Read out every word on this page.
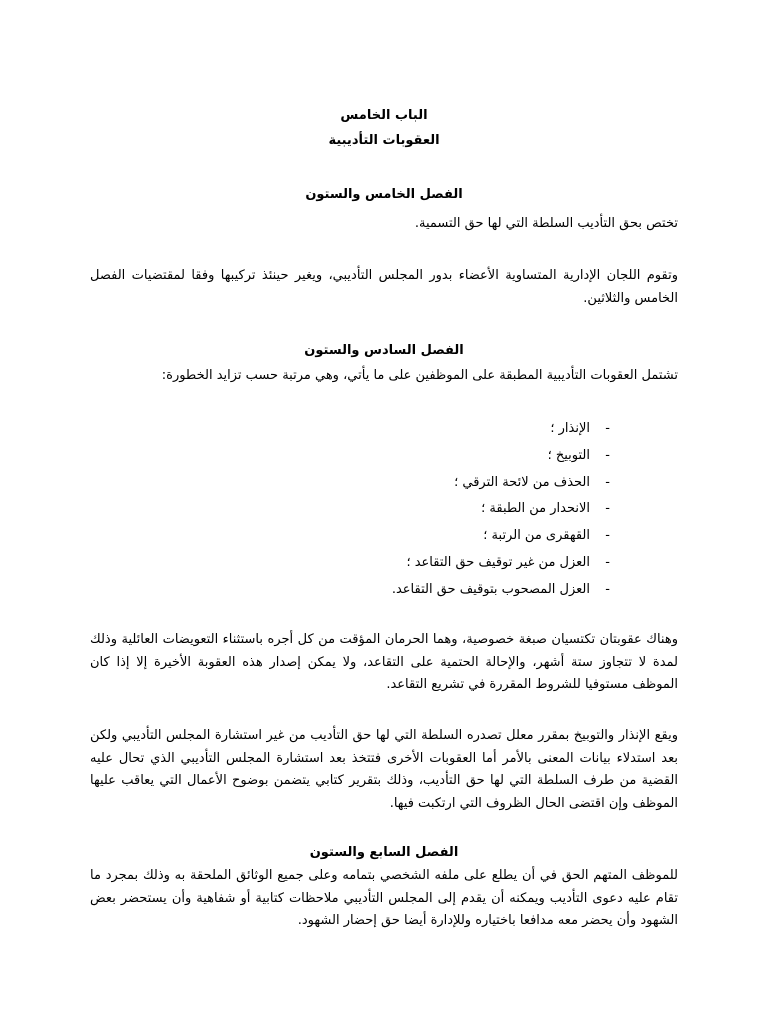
الباب الخامس

العقوبات التأديبية

الفصل الخامس والستون

تختص بحق التأديب السلطة التي لها حق التسمية.

وتقوم اللجان الإدارية المتساوية الأعضاء بدور المجلس التأديبي، ويغير حينئذ تركيبها وفقا لمقتضيات الفصل الخامس والثلاثين.

الفصل السادس والستون

تشتمل العقوبات التأديبية المطبقة على الموظفين على ما يأتي، وهي مرتبة حسب تزايد الخطورة:

-
الإنذار ؛
-
التوبيخ ؛
-
الحذف من لائحة الترقي ؛
-
الانحدار من الطبقة ؛
-
القهقرى من الرتبة ؛
-
العزل من غير توقيف حق التقاعد ؛
-
العزل المصحوب بتوقيف حق التقاعد.

وهناك عقوبتان تكتسيان صبغة خصوصية، وهما الحرمان المؤقت من كل أجره باستثناء التعويضات العائلية وذلك لمدة لا تتجاوز ستة أشهر، والإحالة الحتمية على التقاعد، ولا يمكن إصدار هذه العقوبة الأخيرة إلا إذا كان الموظف مستوفيا للشروط المقررة في تشريع التقاعد.

ويقع الإنذار والتوبيخ بمقرر معلل تصدره السلطة التي لها حق التأديب من غير استشارة المجلس التأديبي ولكن بعد استدلاء بيانات المعنى بالأمر أما العقوبات الأخرى فتتخذ بعد استشارة المجلس التأديبي الذي تحال عليه القضية من طرف السلطة التي لها حق التأديب، وذلك بتقرير كتابي يتضمن بوضوح الأعمال التي يعاقب عليها الموظف وإن اقتضى الحال الظروف التي ارتكبت فيها.

الفصل السابع والستون

للموظف المتهم الحق في أن يطلع على ملفه الشخصي بتمامه وعلى جميع الوثائق الملحقة به وذلك بمجرد ما تقام عليه دعوى التأديب ويمكنه أن يقدم إلى المجلس التأديبي ملاحظات كتابية أو شفاهية وأن يستحضر بعض الشهود وأن يحضر معه مدافعا باختياره وللإدارة أيضا حق إحضار الشهود.
